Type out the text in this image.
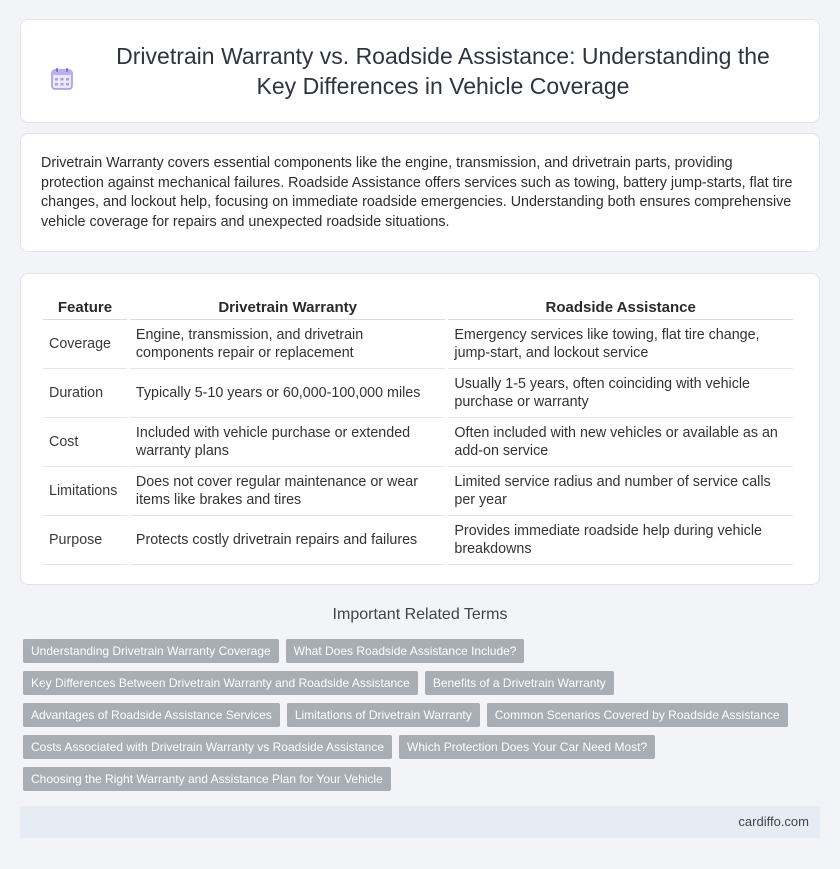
Drivetrain Warranty vs. Roadside Assistance: Understanding the Key Differences in Vehicle Coverage

Drivetrain Warranty covers essential components like the engine, transmission, and drivetrain parts, providing protection against mechanical failures. Roadside Assistance offers services such as towing, battery jump-starts, flat tire changes, and lockout help, focusing on immediate roadside emergencies. Understanding both ensures comprehensive vehicle coverage for repairs and unexpected roadside situations.

Feature	Drivetrain Warranty	Roadside Assistance
Coverage	Engine, transmission, and drivetrain components repair or replacement	Emergency services like towing, flat tire change, jump-start, and lockout service
Duration	Typically 5-10 years or 60,000-100,000 miles	Usually 1-5 years, often coinciding with vehicle purchase or warranty
Cost	Included with vehicle purchase or extended warranty plans	Often included with new vehicles or available as an add-on service
Limitations	Does not cover regular maintenance or wear items like brakes and tires	Limited service radius and number of service calls per year
Purpose	Protects costly drivetrain repairs and failures	Provides immediate roadside help during vehicle breakdowns
Important Related Terms
Understanding Drivetrain Warranty Coverage	What Does Roadside Assistance Include?
Key Differences Between Drivetrain Warranty and Roadside Assistance	Benefits of a Drivetrain Warranty
Advantages of Roadside Assistance Services	Limitations of Drivetrain Warranty	Common Scenarios Covered by Roadside Assistance
Costs Associated with Drivetrain Warranty vs Roadside Assistance	Which Protection Does Your Car Need Most?
Choosing the Right Warranty and Assistance Plan for Your Vehicle
cardiffo.com
